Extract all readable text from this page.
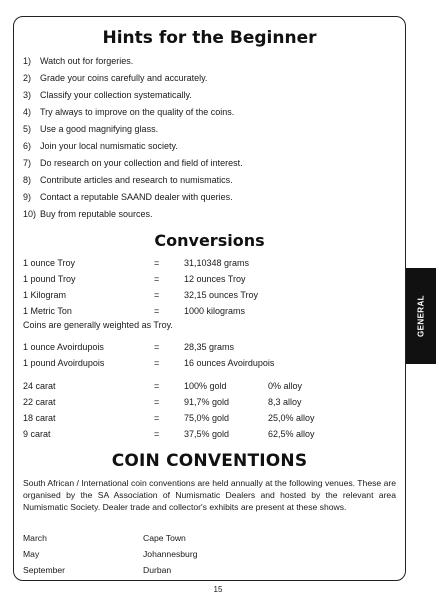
Hints for the Beginner
1) Watch out for forgeries.
2) Grade your coins carefully and accurately.
3) Classify your collection systematically.
4) Try always to improve on the quality of the coins.
5) Use a good magnifying glass.
6) Join your local numismatic society.
7) Do research on your collection and field of interest.
8) Contribute articles and research to numismatics.
9) Contact a reputable SAAND dealer with queries.
10) Buy from reputable sources.
Conversions
1 ounce Troy	=	31,10348 grams
1 pound Troy	=	12 ounces Troy
1 Kilogram	=	32,15 ounces Troy
1 Metric Ton	=	1000 kilograms
Coins are generally weighted as Troy.
1 ounce Avoirdupois	=	28,35 grams
1 pound Avoirdupois	=	16 ounces Avoirdupois
24 carat	=	100% gold	0% alloy
22 carat	=	91,7% gold	8,3 alloy
18 carat	=	75,0% gold	25,0% alloy
9 carat	=	37,5% gold	62,5% alloy
COIN CONVENTIONS

South African / International coin conventions are held annually at the following venues. These are organised by the SA Association of Numismatic Dealers and hosted by the relevant area Numismatic Society. Dealer trade and collector's exhibits are present at these shows.

March	Cape Town
May	Johannesburg
September	Durban
GENERAL
15
